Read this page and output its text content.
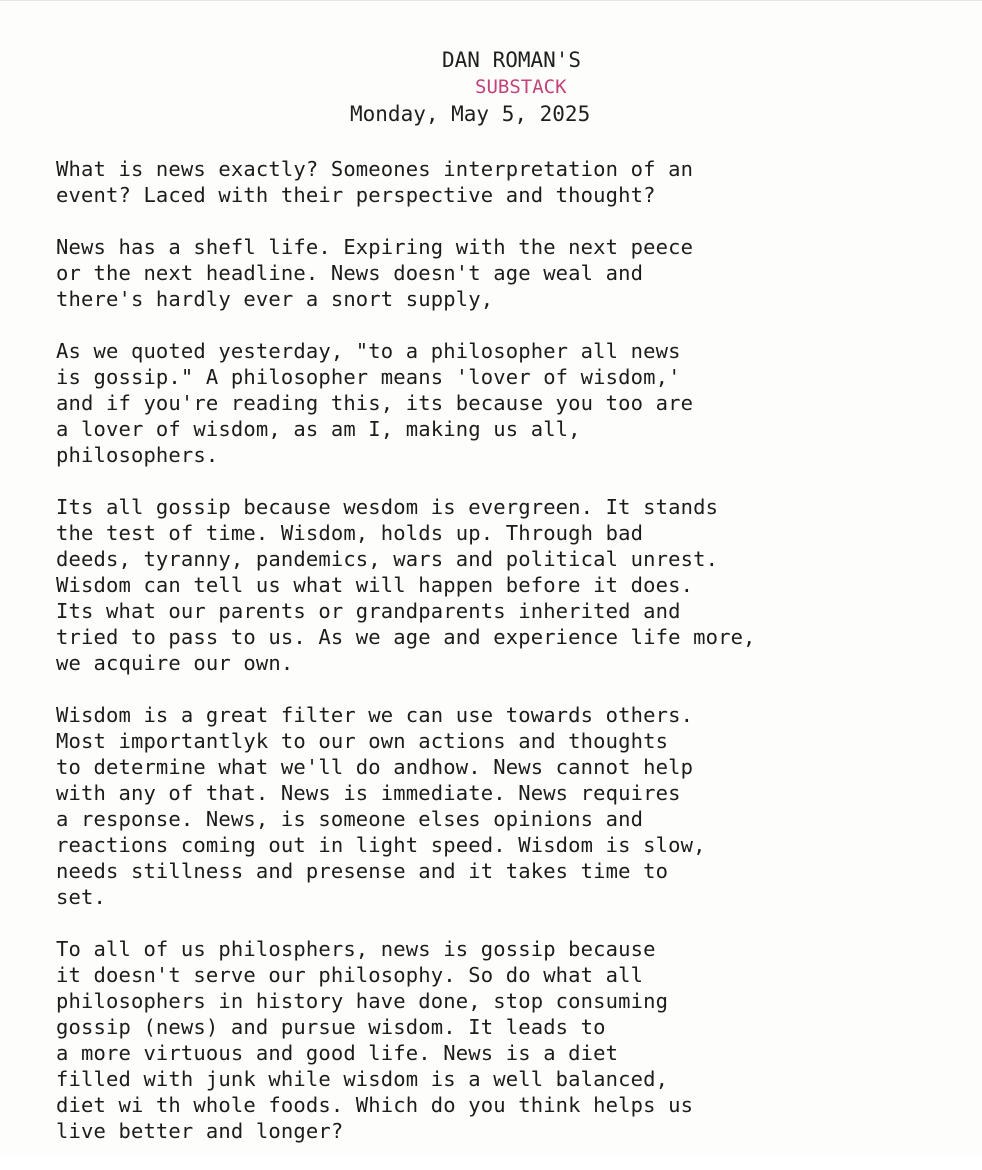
DAN ROMAN'S
SUBSTACK
Monday, May 5, 2025
What is news exactly? Someones interpretation of an
event? Laced with their perspective and thought?
News has a shefl life. Expiring with the next peece
or the next headline. News doesn't age weal and
there's hardly ever a snort supply,
As we quoted yesterday, "to a philosopher all news
is gossip." A philosopher means 'lover of wisdom,'
and if you're reading this, its because you too are
a lover of wisdom, as am I, making us all,
philosophers.
Its all gossip because wesdom is evergreen. It stands
the test of time. Wisdom, holds up. Through bad
deeds, tyranny, pandemics, wars and political unrest.
Wisdom can tell us what will happen before it does.
Its what our parents or grandparents inherited and
tried to pass to us. As we age and experience life more,
we acquire our own.
Wisdom is a great filter we can use towards others.
Most importantlyk to our own actions and thoughts
to determine what we'll do andhow. News cannot help
with any of that. News is immediate. News requires
a response. News, is someone elses opinions and
reactions coming out in light speed. Wisdom is slow,
needs stillness and presense and it takes time to
set.
To all of us philosphers, news is gossip because
it doesn't serve our philosophy. So do what all
philosophers in history have done, stop consuming
gossip (news) and pursue wisdom. It leads to
a more virtuous and good life. News is a diet
filled with junk while wisdom is a well balanced,
diet wi th whole foods. Which do you think helps us
live better and longer?
